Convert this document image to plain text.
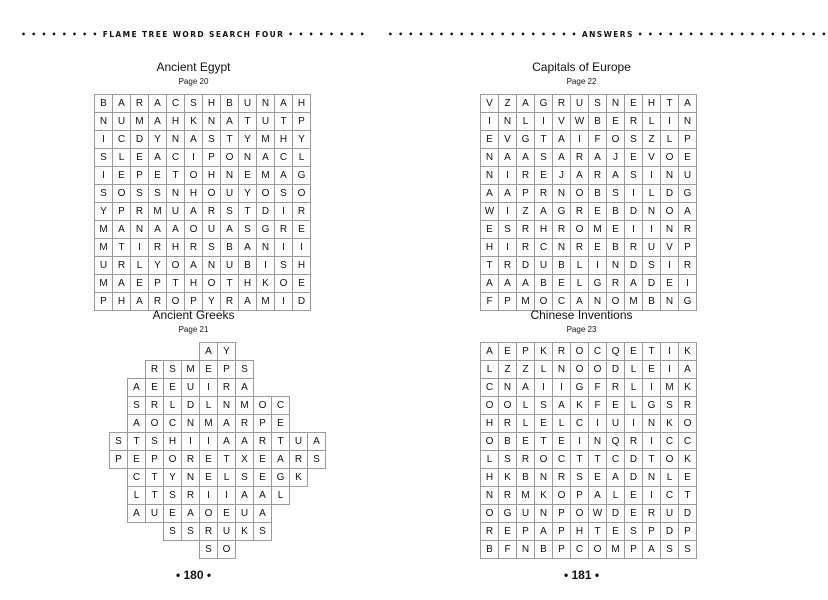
• • • • • • • • FLAME TREE WORD SEARCH FOUR • • • • • • • •
Ancient Egypt
Page 20
B	A	R	A	C	S	H	B	U	N	A	H
N	U	M	A	H	K	N	A	T	U	T	P
I	C	D	Y	N	A	S	T	Y	M	H	Y
S	L	E	A	C	I	P	O	N	A	C	L
I	E	P	E	T	O	H	N	E	M	A	G
S	O	S	S	N	H	O	U	Y	O	S	O
Y	P	R	M	U	A	R	S	T	D	I	R
M	A	N	A	A	O	U	A	S	G	R	E
M	T	I	R	H	R	S	B	A	N	I	I
U	R	L	Y	O	A	N	U	B	I	S	H
M	A	E	P	T	H	O	T	H	K	O	E
P	H	A	R	O	P	Y	R	A	M	I	D
Ancient Greeks
Page 21
						A	Y						
			R	S	M	E	P	S					
		A	E	E	U	I	R	A					
		S	R	L	D	L	N	M	O	C			
		A	O	C	N	M	A	R	P	E			
	S	T	S	H	I	I	A	A	R	T	U	A	
	P	E	P	O	R	E	T	X	E	A	R	S	
		C	T	Y	N	E	L	S	E	G	K		
		L	T	S	R	I	I	A	A	L			
		A	U	E	A	O	E	U	A				
				S	S	R	U	K	S				
						S	O						
• 180 •
• • • • • • • • • • • • • • • • • • • ANSWERS • • • • • • • • • • • • • • • • • • •
Capitals of Europe
Page 22
V	Z	A	G	R	U	S	N	E	H	T	A
I	N	L	I	V	W	B	E	R	L	I	N
E	V	G	T	A	I	F	O	S	Z	L	P
N	A	A	S	A	R	A	J	E	V	O	E
N	I	R	E	J	A	R	A	S	I	N	U
A	A	P	R	N	O	B	S	I	L	D	G
W	I	Z	A	G	R	E	B	D	N	O	A
E	S	R	H	R	O	M	E	I	I	N	R
H	I	R	C	N	R	E	B	R	U	V	P
T	R	D	U	B	L	I	N	D	S	I	R
A	A	A	B	E	L	G	R	A	D	E	I
F	P	M	O	C	A	N	O	M	B	N	G
Chinese Inventions
Page 23
A	E	P	K	R	O	C	Q	E	T	I	K
L	Z	Z	L	N	O	O	D	L	E	I	A
C	N	A	I	I	G	F	R	L	I	M	K
O	O	L	S	A	K	F	E	L	G	S	R
H	R	L	E	L	C	I	U	I	N	K	O
O	B	E	T	E	I	N	Q	R	I	C	C
L	S	R	O	C	T	T	C	D	T	O	K
H	K	B	N	R	S	E	A	D	N	L	E
N	R	M	K	O	P	A	L	E	I	C	T
O	G	U	N	P	O	W	D	E	R	U	D
R	E	P	A	P	H	T	E	S	P	D	P
B	F	N	B	P	C	O	M	P	A	S	S
• 181 •
